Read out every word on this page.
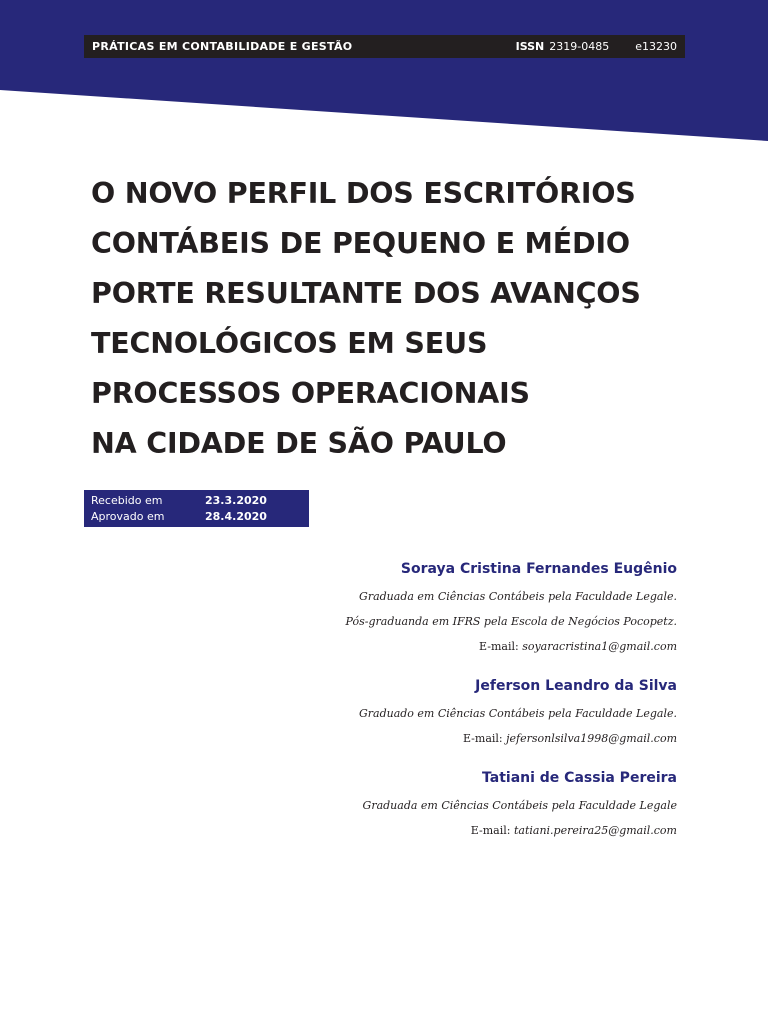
PRÁTICAS EM CONTABILIDADE E GESTÃO	ISSN 2319-0485 e13230
O NOVO PERFIL DOS ESCRITÓRIOS
CONTÁBEIS DE PEQUENO E MÉDIO
PORTE RESULTANTE DOS AVANÇOS
TECNOLÓGICOS EM SEUS
PROCESSOS OPERACIONAIS
NA CIDADE DE SÃO PAULO
Recebido em	23.3.2020
Aprovado em	28.4.2020
Soraya Cristina Fernandes Eugênio
Graduada em Ciências Contábeis pela Faculdade Legale.
Pós-graduanda em IFRS pela Escola de Negócios Pocopetz.
E-mail: soyaracristina1@gmail.com
Jeferson Leandro da Silva
Graduado em Ciências Contábeis pela Faculdade Legale.
E-mail: jefersonlsilva1998@gmail.com
Tatiani de Cassia Pereira
Graduada em Ciências Contábeis pela Faculdade Legale
E-mail: tatiani.pereira25@gmail.com
